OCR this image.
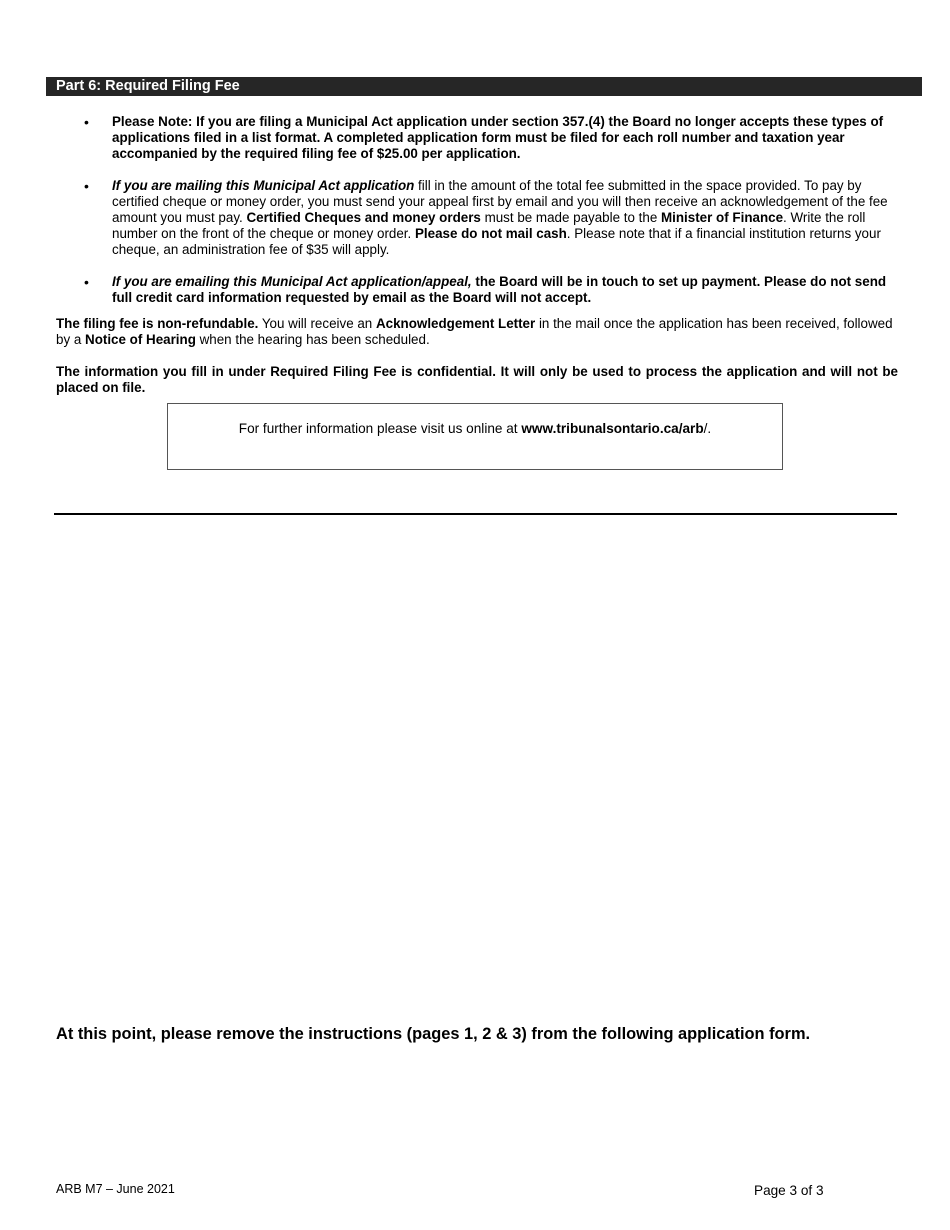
Part 6: Required Filing Fee
• Please Note: If you are filing a Municipal Act application under section 357.(4) the Board no longer accepts these types of applications filed in a list format. A completed application form must be filed for each roll number and taxation year accompanied by the required filing fee of $25.00 per application.
• If you are mailing this Municipal Act application fill in the amount of the total fee submitted in the space provided. To pay by certified cheque or money order, you must send your appeal first by email and you will then receive an acknowledgement of the fee amount you must pay. Certified Cheques and money orders must be made payable to the Minister of Finance. Write the roll number on the front of the cheque or money order. Please do not mail cash. Please note that if a financial institution returns your cheque, an administration fee of $35 will apply.
• If you are emailing this Municipal Act application/appeal, the Board will be in touch to set up payment. Please do not send full credit card information requested by email as the Board will not accept.
The filing fee is non-refundable. You will receive an Acknowledgement Letter in the mail once the application has been received, followed by a Notice of Hearing when the hearing has been scheduled.
The information you fill in under Required Filing Fee is confidential. It will only be used to process the application and will not be placed on file.
For further information please visit us online at www.tribunalsontario.ca/arb/.
At this point, please remove the instructions (pages 1, 2 & 3) from the following application form.
ARB M7 – June 2021	Page 3 of 3
